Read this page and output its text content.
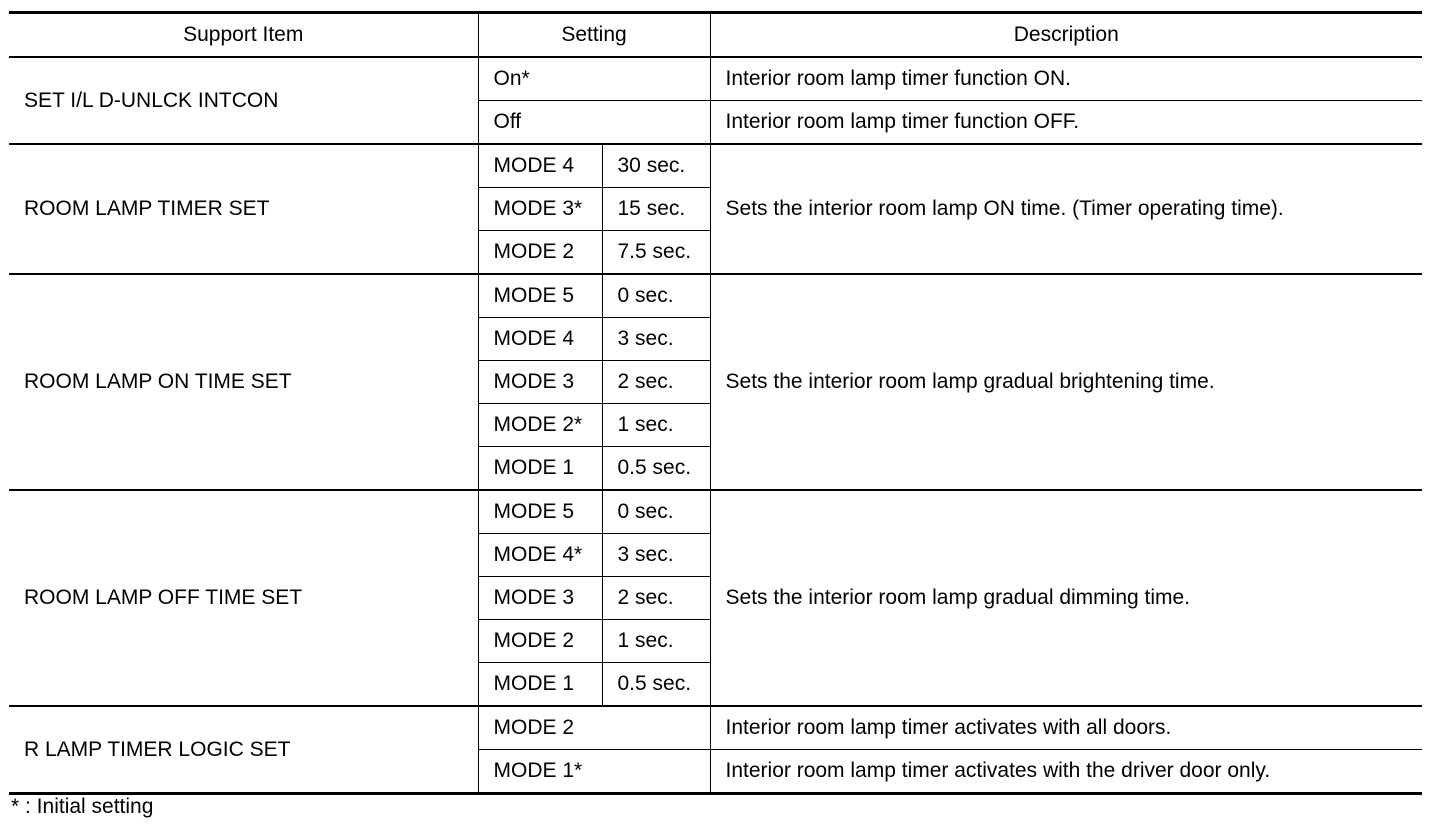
Support Item	Setting		Description
SET I/L D-UNLCK INTCON	On*		Interior room lamp timer function ON.
	Off		Interior room lamp timer function OFF.
ROOM LAMP TIMER SET	MODE 4	30 sec.	Sets the interior room lamp ON time. (Timer operating time).
	MODE 3*	15 sec.	
	MODE 2	7.5 sec.	
ROOM LAMP ON TIME SET	MODE 5	0 sec.	Sets the interior room lamp gradual brightening time.
	MODE 4	3 sec.	
	MODE 3	2 sec.	
	MODE 2*	1 sec.	
	MODE 1	0.5 sec.	
ROOM LAMP OFF TIME SET	MODE 5	0 sec.	Sets the interior room lamp gradual dimming time.
	MODE 4*	3 sec.	
	MODE 3	2 sec.	
	MODE 2	1 sec.	
	MODE 1	0.5 sec.	
R LAMP TIMER LOGIC SET	MODE 2		Interior room lamp timer activates with all doors.
	MODE 1*		Interior room lamp timer activates with the driver door only.
* : Initial setting
